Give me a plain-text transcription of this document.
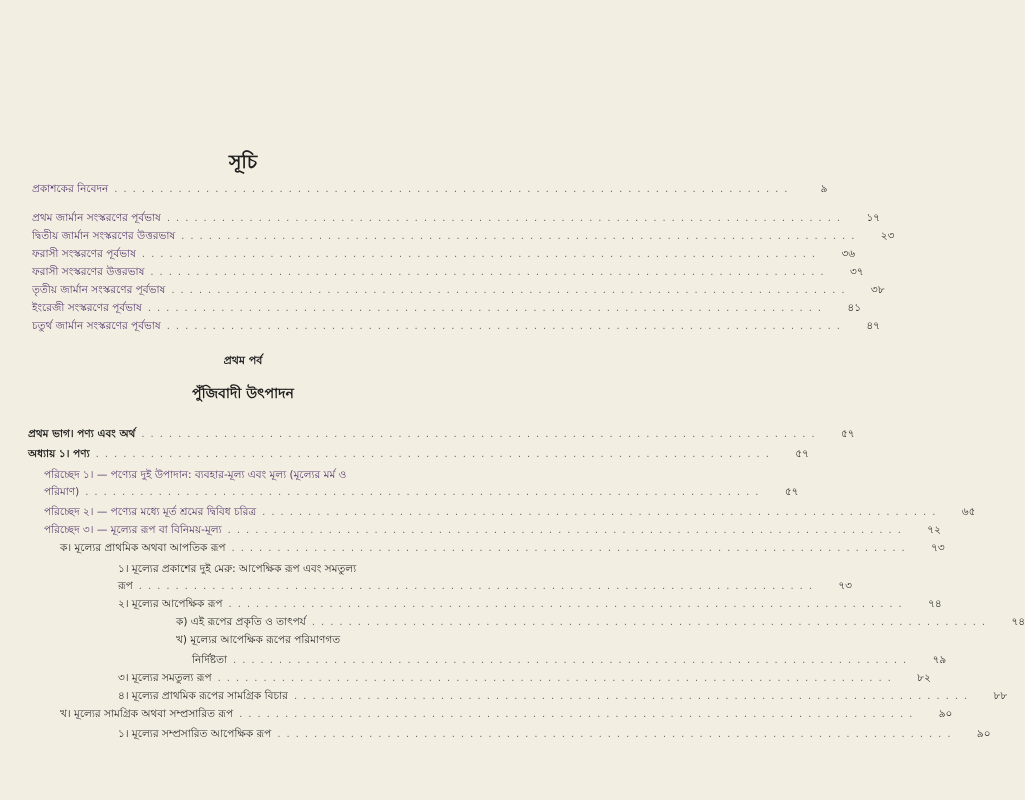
সূচি
প্রকাশকের নিবেদন ..........................................................................	৯
প্রথম জার্মান সংস্করণের পূর্বভাষ ..........................................................................	১৭
দ্বিতীয় জার্মান সংস্করণের উত্তরভাষ ..........................................................................	২৩
ফরাসী সংস্করণের পূর্বভাষ ..........................................................................	৩৬
ফরাসী সংস্করণের উত্তরভাষ ..........................................................................	৩৭
তৃতীয় জার্মান সংস্করণের পূর্বভাষ ..........................................................................	৩৮
ইংরেজী সংস্করণের পূর্বভাষ ..........................................................................	৪১
চতুর্থ জার্মান সংস্করণের পূর্বভাষ ..........................................................................	৪৭
প্রথম পর্ব
পুঁজিবাদী উৎপাদন
প্রথম ভাগ। পণ্য এবং অর্থ ..........................................................................	৫৭
অধ্যায় ১। পণ্য ..........................................................................	৫৭
পরিচ্ছেদ ১। — পণ্যের দুই উপাদান: ব্যবহার-মূল্য এবং মূল্য (মূল্যের মর্ম ও
পরিমাণ) ..........................................................................	৫৭
পরিচ্ছেদ ২। — পণ্যের মধ্যে মূর্ত শ্রমের দ্বিবিধ চরিত্র ..........................................................................	৬৫
পরিচ্ছেদ ৩। — মূল্যের রূপ বা বিনিময়-মূল্য ..........................................................................	৭২
ক। মূল্যের প্রাথমিক অথবা আপতিক রূপ ..........................................................................	৭৩
১। মূল্যের প্রকাশের দুই মেরু: আপেক্ষিক রূপ এবং সমতুল্য
রূপ ..........................................................................	৭৩
২। মূল্যের আপেক্ষিক রূপ ..........................................................................	৭৪
ক) এই রূপের প্রকৃতি ও তাৎপর্য ..........................................................................	৭৪
খ) মূল্যের আপেক্ষিক রূপের পরিমাণগত
নির্দিষ্টতা ..........................................................................	৭৯
৩। মূল্যের সমতুল্য রূপ ..........................................................................	৮২
৪। মূল্যের প্রাথমিক রূপের সামগ্রিক বিচার ..........................................................................	৮৮
খ। মূল্যের সামগ্রিক অথবা সম্প্রসারিত রূপ ..........................................................................	৯০
১। মূল্যের সম্প্রসারিত আপেক্ষিক রূপ ..........................................................................	৯০
